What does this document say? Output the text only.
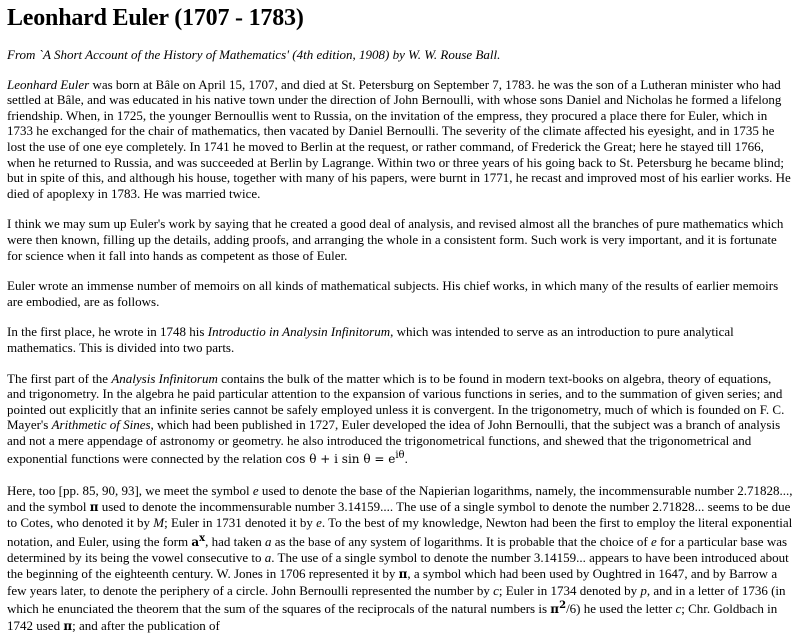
Leonhard Euler (1707 - 1783)

From `A Short Account of the History of Mathematics' (4th edition, 1908) by W. W. Rouse Ball.

Leonhard Euler was born at Bâle on April 15, 1707, and died at St. Petersburg on September 7, 1783. he was the son of a Lutheran minister who had settled at Bâle, and was educated in his native town under the direction of John Bernoulli, with whose sons Daniel and Nicholas he formed a lifelong friendship. When, in 1725, the younger Bernoullis went to Russia, on the invitation of the empress, they procured a place there for Euler, which in 1733 he exchanged for the chair of mathematics, then vacated by Daniel Bernoulli. The severity of the climate affected his eyesight, and in 1735 he lost the use of one eye completely. In 1741 he moved to Berlin at the request, or rather command, of Frederick the Great; here he stayed till 1766, when he returned to Russia, and was succeeded at Berlin by Lagrange. Within two or three years of his going back to St. Petersburg he became blind; but in spite of this, and although his house, together with many of his papers, were burnt in 1771, he recast and improved most of his earlier works. He died of apoplexy in 1783. He was married twice.

I think we may sum up Euler's work by saying that he created a good deal of analysis, and revised almost all the branches of pure mathematics which were then known, filling up the details, adding proofs, and arranging the whole in a consistent form. Such work is very important, and it is fortunate for science when it fall into hands as competent as those of Euler.

Euler wrote an immense number of memoirs on all kinds of mathematical subjects. His chief works, in which many of the results of earlier memoirs are embodied, are as follows.

In the first place, he wrote in 1748 his Introductio in Analysin Infinitorum, which was intended to serve as an introduction to pure analytical mathematics. This is divided into two parts.

The first part of the Analysis Infinitorum contains the bulk of the matter which is to be found in modern text-books on algebra, theory of equations, and trigonometry. In the algebra he paid particular attention to the expansion of various functions in series, and to the summation of given series; and pointed out explicitly that an infinite series cannot be safely employed unless it is convergent. In the trigonometry, much of which is founded on F. C. Mayer's Arithmetic of Sines, which had been published in 1727, Euler developed the idea of John Bernoulli, that the subject was a branch of analysis and not a mere appendage of astronomy or geometry. he also introduced the trigonometrical functions, and shewed that the trigonometrical and exponential functions were connected by the relation cos θ + i $\sin \theta = e^{i\theta}$.

Here, too [pp. 85, 90, 93], we meet the symbol e used to denote the base of the Napierian logarithms, namely, the incommensurable number 2.71828..., and the symbol π used to denote the incommensurable number 3.14159.... The use of a single symbol to denote the number 2.71828... seems to be due to Cotes, who denoted it by M; Euler in 1731 denoted it by e. To the best of my knowledge, Newton had been the first to employ the literal exponential notation, and Euler, using the form $a^x$, had taken a as the base of any system of logarithms. It is probable that the choice of e for a particular base was determined by its being the vowel consecutive to a. The use of a single symbol to denote the number 3.14159... appears to have been introduced about the beginning of the eighteenth century. W. Jones in 1706 represented it by π, a symbol which had been used by Oughtred in 1647, and by Barrow a few years later, to denote the periphery of a circle. John Bernoulli represented the number by c; Euler in 1734 denoted by p, and in a letter of 1736 (in which he enunciated the theorem that the sum of the squares of the reciprocals of the natural numbers is $\pi^2/6$) he used the letter c; Chr. Goldbach in 1742 used π; and after the publication of
